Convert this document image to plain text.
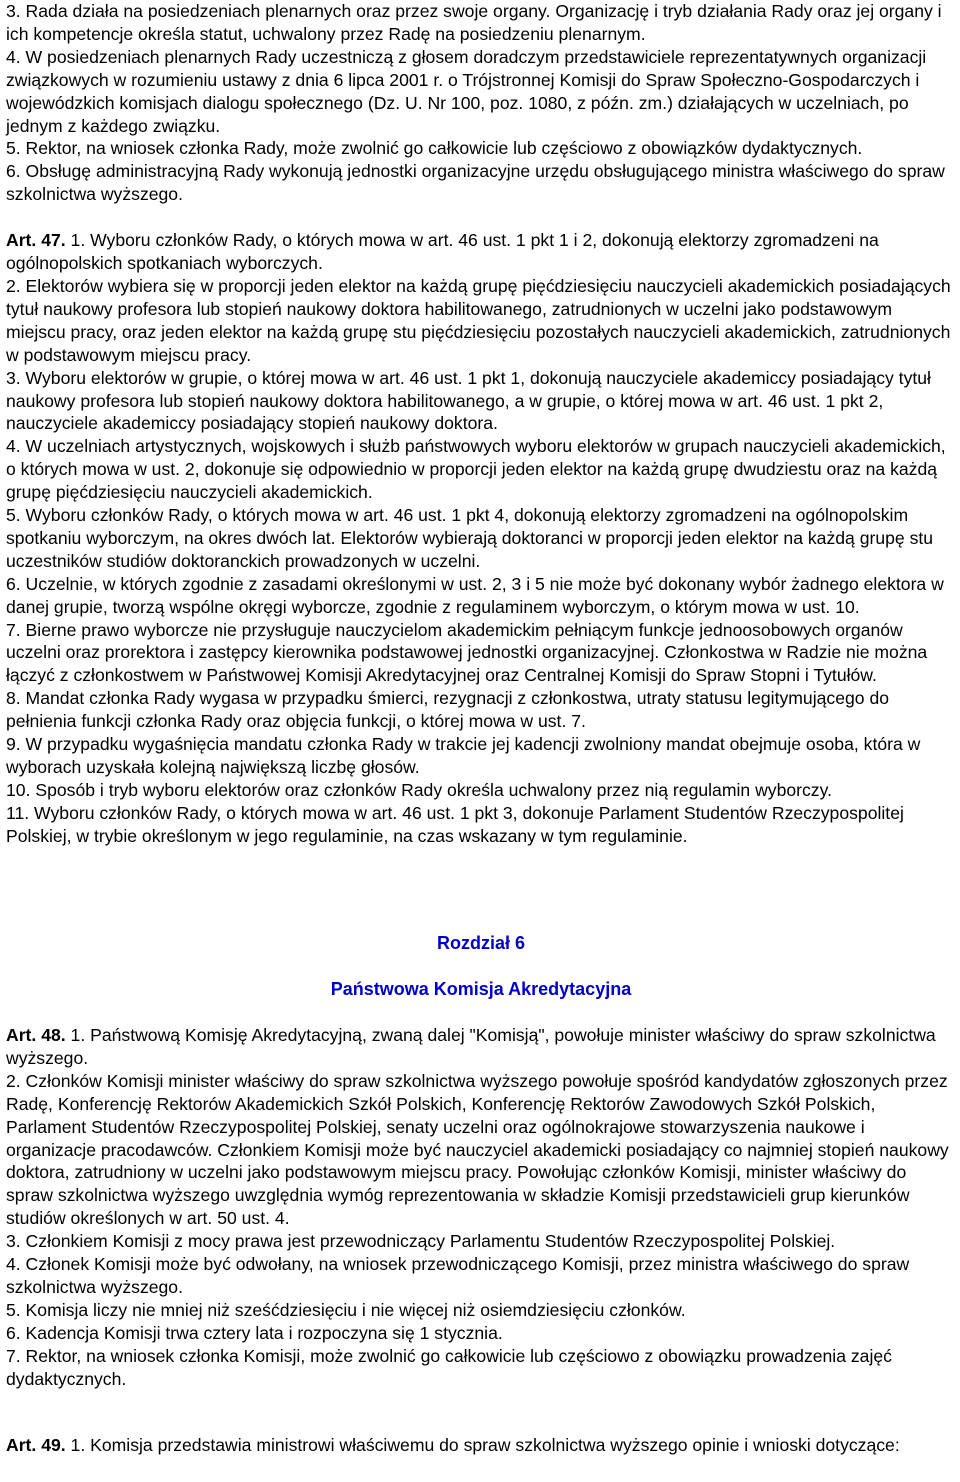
3. Rada działa na posiedzeniach plenarnych oraz przez swoje organy. Organizację i tryb działania Rady oraz jej organy i ich kompetencje określa statut, uchwalony przez Radę na posiedzeniu plenarnym.

4. W posiedzeniach plenarnych Rady uczestniczą z głosem doradczym przedstawiciele reprezentatywnych organizacji związkowych w rozumieniu ustawy z dnia 6 lipca 2001 r. o Trójstronnej Komisji do Spraw Społeczno-Gospodarczych i wojewódzkich komisjach dialogu społecznego (Dz. U. Nr 100, poz. 1080, z późn. zm.) działających w uczelniach, po jednym z każdego związku.

5. Rektor, na wniosek członka Rady, może zwolnić go całkowicie lub częściowo z obowiązków dydaktycznych.

6. Obsługę administracyjną Rady wykonują jednostki organizacyjne urzędu obsługującego ministra właściwego do spraw szkolnictwa wyższego.

Art. 47. 1. Wyboru członków Rady, o których mowa w art. 46 ust. 1 pkt 1 i 2, dokonują elektorzy zgromadzeni na ogólnopolskich spotkaniach wyborczych.

2. Elektorów wybiera się w proporcji jeden elektor na każdą grupę pięćdziesięciu nauczycieli akademickich posiadających tytuł naukowy profesora lub stopień naukowy doktora habilitowanego, zatrudnionych w uczelni jako podstawowym miejscu pracy, oraz jeden elektor na każdą grupę stu pięćdziesięciu pozostałych nauczycieli akademickich, zatrudnionych w podstawowym miejscu pracy.

3. Wyboru elektorów w grupie, o której mowa w art. 46 ust. 1 pkt 1, dokonują nauczyciele akademiccy posiadający tytuł naukowy profesora lub stopień naukowy doktora habilitowanego, a w grupie, o której mowa w art. 46 ust. 1 pkt 2, nauczyciele akademiccy posiadający stopień naukowy doktora.

4. W uczelniach artystycznych, wojskowych i służb państwowych wyboru elektorów w grupach nauczycieli akademickich, o których mowa w ust. 2, dokonuje się odpowiednio w proporcji jeden elektor na każdą grupę dwudziestu oraz na każdą grupę pięćdziesięciu nauczycieli akademickich.

5. Wyboru członków Rady, o których mowa w art. 46 ust. 1 pkt 4, dokonują elektorzy zgromadzeni na ogólnopolskim spotkaniu wyborczym, na okres dwóch lat. Elektorów wybierają doktoranci w proporcji jeden elektor na każdą grupę stu uczestników studiów doktoranckich prowadzonych w uczelni.

6. Uczelnie, w których zgodnie z zasadami określonymi w ust. 2, 3 i 5 nie może być dokonany wybór żadnego elektora w danej grupie, tworzą wspólne okręgi wyborcze, zgodnie z regulaminem wyborczym, o którym mowa w ust. 10.

7. Bierne prawo wyborcze nie przysługuje nauczycielom akademickim pełniącym funkcje jednoosobowych organów uczelni oraz prorektora i zastępcy kierownika podstawowej jednostki organizacyjnej. Członkostwa w Radzie nie można łączyć z członkostwem w Państwowej Komisji Akredytacyjnej oraz Centralnej Komisji do Spraw Stopni i Tytułów.

8. Mandat członka Rady wygasa w przypadku śmierci, rezygnacji z członkostwa, utraty statusu legitymującego do pełnienia funkcji członka Rady oraz objęcia funkcji, o której mowa w ust. 7.

9. W przypadku wygaśnięcia mandatu członka Rady w trakcie jej kadencji zwolniony mandat obejmuje osoba, która w wyborach uzyskała kolejną największą liczbę głosów.

10. Sposób i tryb wyboru elektorów oraz członków Rady określa uchwalony przez nią regulamin wyborczy.

11. Wyboru członków Rady, o których mowa w art. 46 ust. 1 pkt 3, dokonuje Parlament Studentów Rzeczypospolitej Polskiej, w trybie określonym w jego regulaminie, na czas wskazany w tym regulaminie.

Rozdział 6
Państwowa Komisja Akredytacyjna

Art. 48. 1. Państwową Komisję Akredytacyjną, zwaną dalej "Komisją", powołuje minister właściwy do spraw szkolnictwa wyższego.

2. Członków Komisji minister właściwy do spraw szkolnictwa wyższego powołuje spośród kandydatów zgłoszonych przez Radę, Konferencję Rektorów Akademickich Szkół Polskich, Konferencję Rektorów Zawodowych Szkół Polskich, Parlament Studentów Rzeczypospolitej Polskiej, senaty uczelni oraz ogólnokrajowe stowarzyszenia naukowe i organizacje pracodawców. Członkiem Komisji może być nauczyciel akademicki posiadający co najmniej stopień naukowy doktora, zatrudniony w uczelni jako podstawowym miejscu pracy. Powołując członków Komisji, minister właściwy do spraw szkolnictwa wyższego uwzględnia wymóg reprezentowania w składzie Komisji przedstawicieli grup kierunków studiów określonych w art. 50 ust. 4.

3. Członkiem Komisji z mocy prawa jest przewodniczący Parlamentu Studentów Rzeczypospolitej Polskiej.

4. Członek Komisji może być odwołany, na wniosek przewodniczącego Komisji, przez ministra właściwego do spraw szkolnictwa wyższego.

5. Komisja liczy nie mniej niż sześćdziesięciu i nie więcej niż osiemdziesięciu członków.

6. Kadencja Komisji trwa cztery lata i rozpoczyna się 1 stycznia.

7. Rektor, na wniosek członka Komisji, może zwolnić go całkowicie lub częściowo z obowiązku prowadzenia zajęć dydaktycznych.

Art. 49. 1. Komisja przedstawia ministrowi właściwemu do spraw szkolnictwa wyższego opinie i wnioski dotyczące:
